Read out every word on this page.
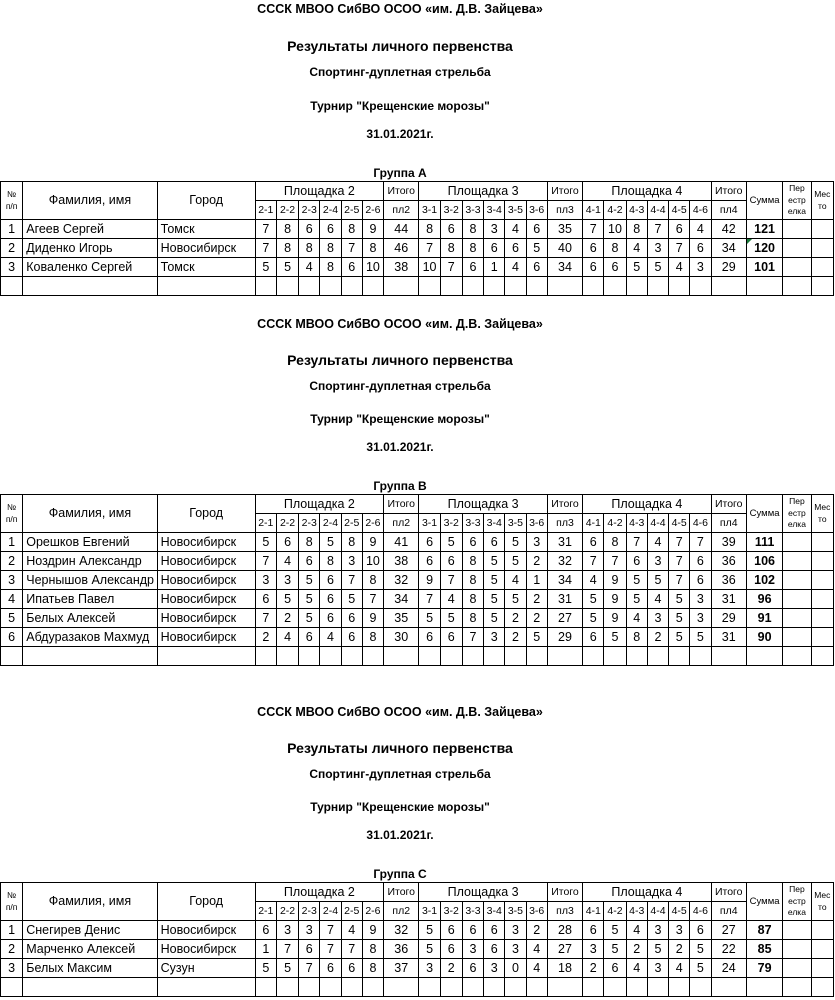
СССК МВОО СибВО ОСОО «им. Д.В. Зайцева»
Результаты личного первенства
Спортинг-дуплетная стрельба
Турнир "Крещенские морозы"
31.01.2021г.
Группа А
№
п/п	Фамилия, имя	Город	Площадка 2						Итого	Площадка 3						Итого	Площадка 4						Итого	Сумма	Пер естр елка	Мес то
			2-1	2-2	2-3	2-4	2-5	2-6	пл2	3-1	3-2	3-3	3-4	3-5	3-6	пл3	4-1	4-2	4-3	4-4	4-5	4-6	пл4			
1	Агеев Сергей	Томск	7	8	6	6	8	9	44	8	6	8	3	4	6	35	7	10	8	7	6	4	42	121		
2	Диденко Игорь	Новосибирск	7	8	8	8	7	8	46	7	8	8	6	6	5	40	6	8	4	3	7	6	34	120		
3	Коваленко Сергей	Томск	5	5	4	8	6	10	38	10	7	6	1	4	6	34	6	6	5	5	4	3	29	101		

СССК МВОО СибВО ОСОО «им. Д.В. Зайцева»
Результаты личного первенства
Спортинг-дуплетная стрельба
Турнир "Крещенские морозы"
31.01.2021г.
Группа В
№
п/п	Фамилия, имя	Город	Площадка 2						Итого	Площадка 3						Итого	Площадка 4						Итого	Сумма	Пер естр елка	Мес то
			2-1	2-2	2-3	2-4	2-5	2-6	пл2	3-1	3-2	3-3	3-4	3-5	3-6	пл3	4-1	4-2	4-3	4-4	4-5	4-6	пл4			
1	Орешков Евгений	Новосибирск	5	6	8	5	8	9	41	6	5	6	6	5	3	31	6	8	7	4	7	7	39	111		
2	Ноздрин Александр	Новосибирск	7	4	6	8	3	10	38	6	6	8	5	5	2	32	7	7	6	3	7	6	36	106		
3	Чернышов Александр	Новосибирск	3	3	5	6	7	8	32	9	7	8	5	4	1	34	4	9	5	5	7	6	36	102		
4	Ипатьев Павел	Новосибирск	6	5	5	6	5	7	34	7	4	8	5	5	2	31	5	9	5	4	5	3	31	96		
5	Белых Алексей	Новосибирск	7	2	5	6	6	9	35	5	5	8	5	2	2	27	5	9	4	3	5	3	29	91		
6	Абдуразаков Махмуд	Новосибирск	2	4	6	4	6	8	30	6	6	7	3	2	5	29	6	5	8	2	5	5	31	90		

СССК МВОО СибВО ОСОО «им. Д.В. Зайцева»
Результаты личного первенства
Спортинг-дуплетная стрельба
Турнир "Крещенские морозы"
31.01.2021г.
Группа С
№
п/п	Фамилия, имя	Город	Площадка 2						Итого	Площадка 3						Итого	Площадка 4						Итого	Сумма	Пер естр елка	Мес то
			2-1	2-2	2-3	2-4	2-5	2-6	пл2	3-1	3-2	3-3	3-4	3-5	3-6	пл3	4-1	4-2	4-3	4-4	4-5	4-6	пл4			
1	Снегирев Денис	Новосибирск	6	3	3	7	4	9	32	5	6	6	6	3	2	28	6	5	4	3	3	6	27	87		
2	Марченко Алексей	Новосибирск	1	7	6	7	7	8	36	5	6	3	6	3	4	27	3	5	2	5	2	5	22	85		
3	Белых Максим	Сузун	5	5	7	6	6	8	37	3	2	6	3	0	4	18	2	6	4	3	4	5	24	79		
